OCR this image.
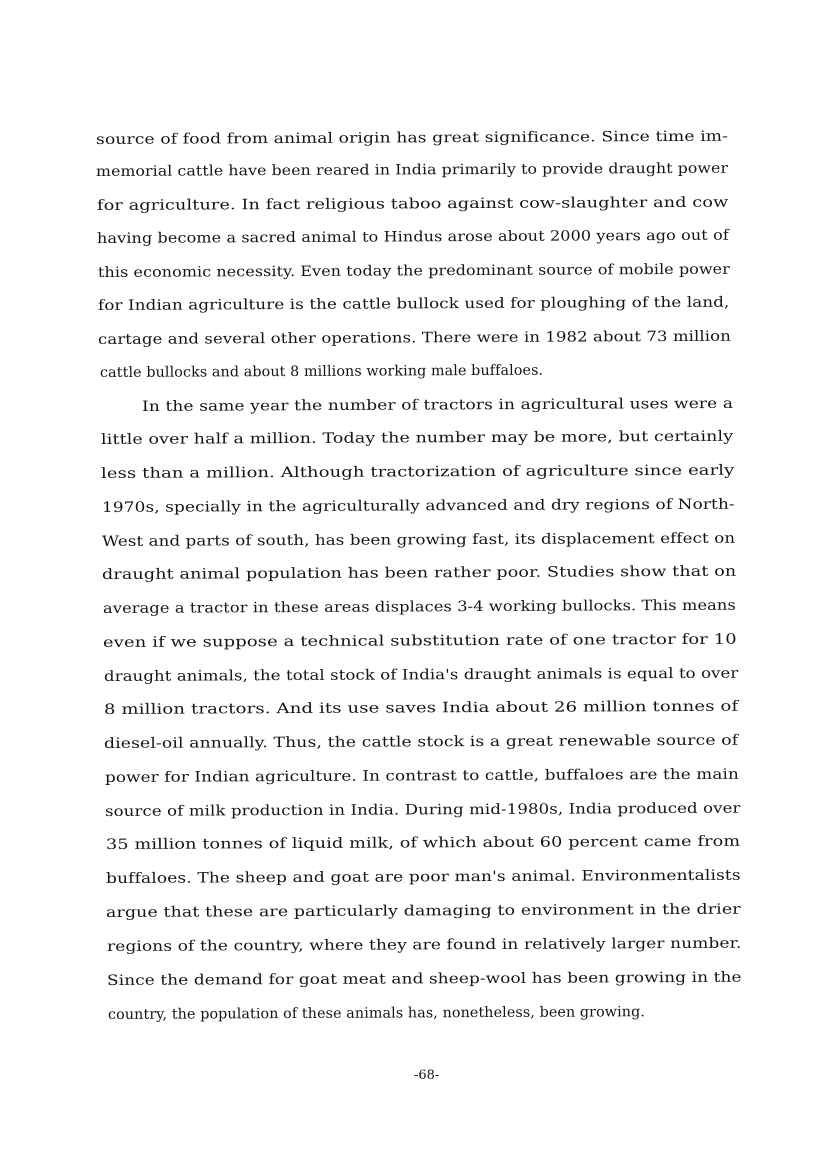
source of food from animal origin has great significance. Since time im-
memorial cattle have been reared in India primarily to provide draught power
for agriculture. In fact religious taboo against cow-slaughter and cow
having become a sacred animal to Hindus arose about 2000 years ago out of
this economic necessity. Even today the predominant source of mobile power
for Indian agriculture is the cattle bullock used for ploughing of the land,
cartage and several other operations. There were in 1982 about 73 million
cattle bullocks and about 8 millions working male buffaloes.
In the same year the number of tractors in agricultural uses were a
little over half a million. Today the number may be more, but certainly
less than a million. Although tractorization of agriculture since early
1970s, specially in the agriculturally advanced and dry regions of North-
West and parts of south, has been growing fast, its displacement effect on
draught animal population has been rather poor. Studies show that on
average a tractor in these areas displaces 3-4 working bullocks. This means
even if we suppose a technical substitution rate of one tractor for 10
draught animals, the total stock of India's draught animals is equal to over
8 million tractors. And its use saves India about 26 million tonnes of
diesel-oil annually. Thus, the cattle stock is a great renewable source of
power for Indian agriculture. In contrast to cattle, buffaloes are the main
source of milk production in India. During mid-1980s, India produced over
35 million tonnes of liquid milk, of which about 60 percent came from
buffaloes. The sheep and goat are poor man's animal. Environmentalists
argue that these are particularly damaging to environment in the drier
regions of the country, where they are found in relatively larger number.
Since the demand for goat meat and sheep-wool has been growing in the
country, the population of these animals has, nonetheless, been growing.
-68-
